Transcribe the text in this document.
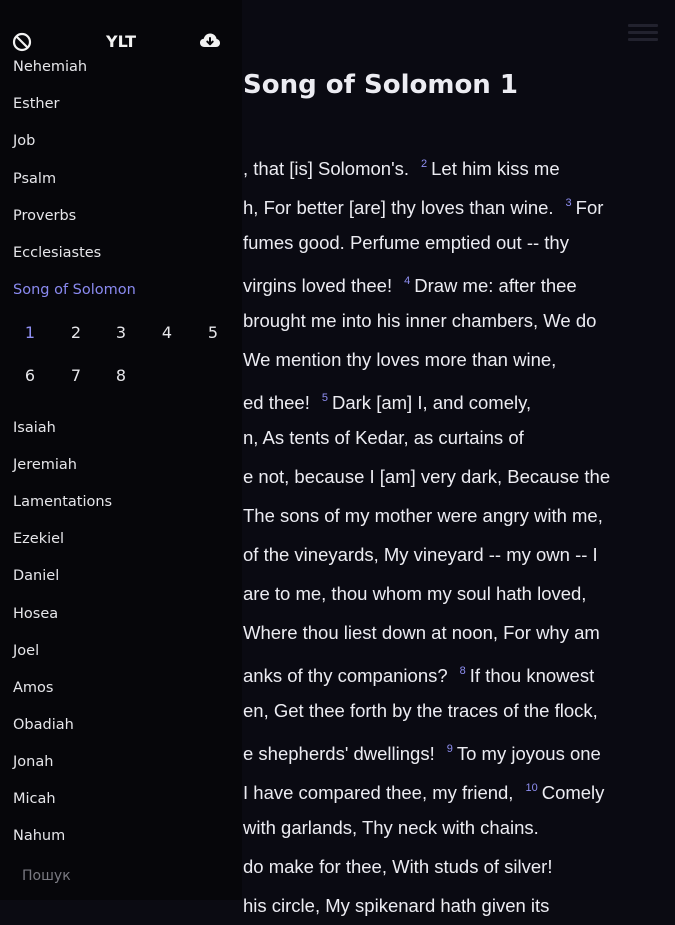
Song of Solomon 1
, that [is] Solomon's. $^2$ Let him kiss me
h, For better [are] thy loves than wine. $^3$ For
fumes good. Perfume emptied out -- thy
virgins loved thee! $^4$ Draw me: after thee
brought me into his inner chambers, We do
We mention thy loves more than wine,
ed thee! $^5$ Dark [am] I, and comely,
n, As tents of Kedar, as curtains of
e not, because I [am] very dark, Because the
The sons of my mother were angry with me,
of the vineyards, My vineyard -- my own -- I
are to me, thou whom my soul hath loved,
Where thou liest down at noon, For why am
anks of thy companions? $^8$ If thou knowest
en, Get thee forth by the traces of the flock,
e shepherds' dwellings! $^9$ To my joyous one
I have compared thee, my friend, $^{10}$ Comely
with garlands, Thy neck with chains.
do make for thee, With studs of silver!
his circle, My spikenard hath given its
YLT
Nehemiah
Esther
Job
Psalm
Proverbs
Ecclesiastes
Song of Solomon
1	2	3	4	5
6	7	8
Isaiah
Jeremiah
Lamentations
Ezekiel
Daniel
Hosea
Joel
Amos
Obadiah
Jonah
Micah
Nahum
Пошук
